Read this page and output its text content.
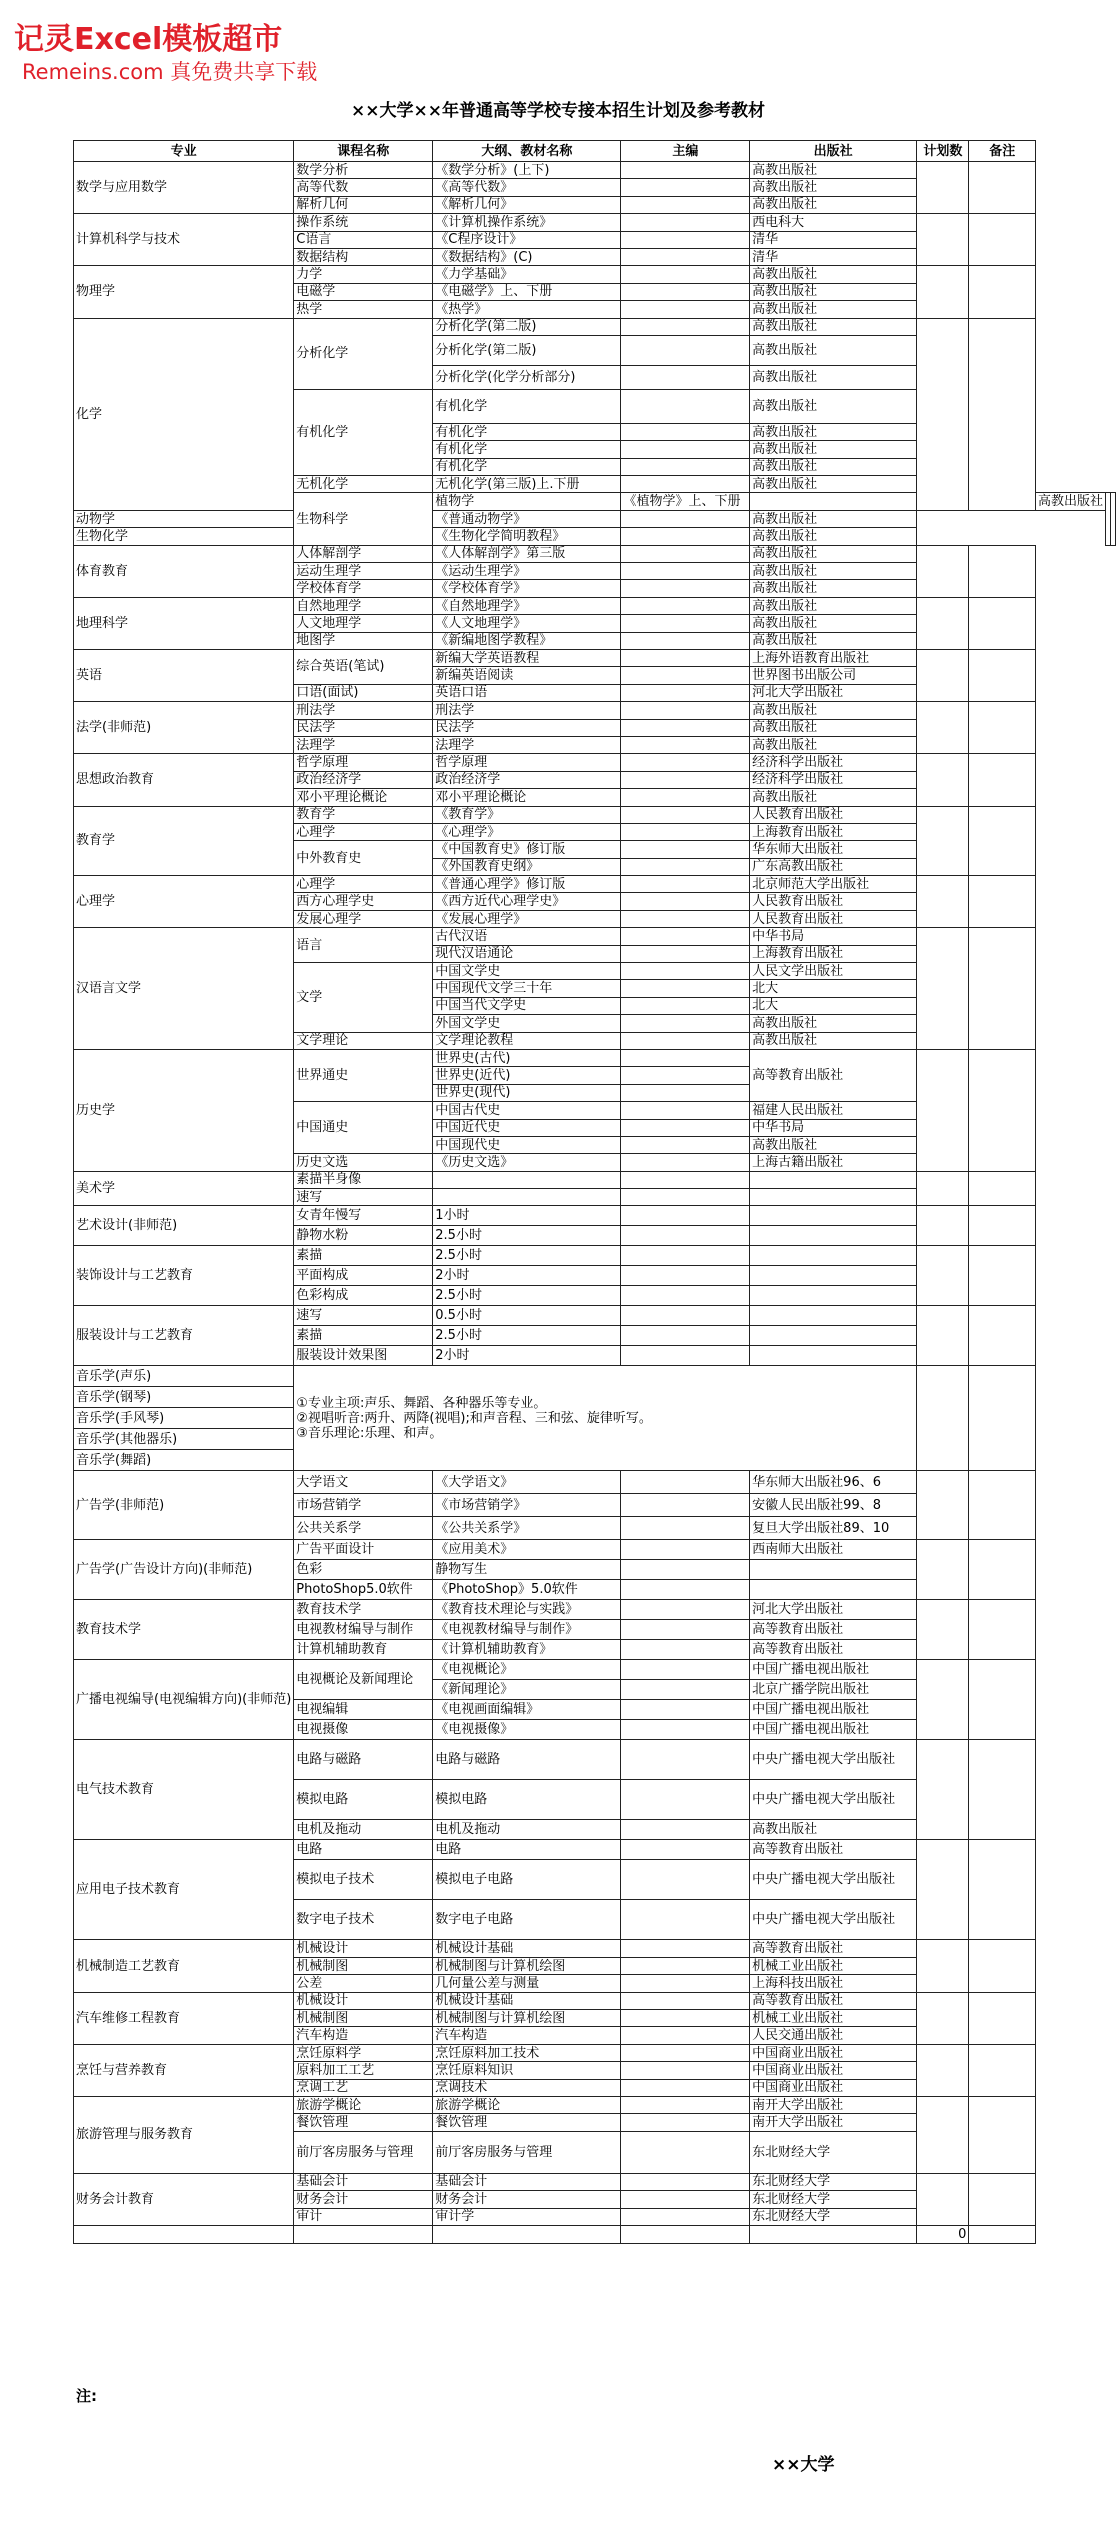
记灵Excel模板超市
Remeins.com 真免费共享下载
××大学××年普通高等学校专接本招生计划及参考教材
专业	课程名称	大纲、教材名称	主编	出版社	计划数	备注			
数学与应用数学	数学分析	《数学分析》(上下)		高教出版社					
	高等代数	《高等代数》		高教出版社					
	解析几何	《解析几何》		高教出版社					
计算机科学与技术	操作系统	《计算机操作系统》		西电科大					
	C语言	《C程序设计》		清华					
	数据结构	《数据结构》(C)		清华					
物理学	力学	《力学基础》		高教出版社					
	电磁学	《电磁学》上、下册		高教出版社					
	热学	《热学》		高教出版社					
化学	分析化学	分析化学(第二版)		高教出版社					
		分析化学(第二版)		高教出版社					
		分析化学(化学分析部分)		高教出版社					
	有机化学	有机化学		高教出版社					
		有机化学		高教出版社					
		有机化学		高教出版社					
		有机化学		高教出版社					
	无机化学	无机化学(第三版)上.下册		高教出版社					
	生物科学	植物学	《植物学》上、下册				高教出版社		
动物学		《普通动物学》		高教出版社					
生物化学		《生物化学简明教程》		高教出版社					
体育教育	人体解剖学	《人体解剖学》第三版		高教出版社					
	运动生理学	《运动生理学》		高教出版社					
	学校体育学	《学校体育学》		高教出版社					
地理科学	自然地理学	《自然地理学》		高教出版社					
	人文地理学	《人文地理学》		高教出版社					
	地图学	《新编地图学教程》		高教出版社					
英语	综合英语(笔试)	新编大学英语教程		上海外语教育出版社					
		新编英语阅读		世界图书出版公司					
	口语(面试)	英语口语		河北大学出版社					
法学(非师范)	刑法学	刑法学		高教出版社					
	民法学	民法学		高教出版社					
	法理学	法理学		高教出版社					
思想政治教育	哲学原理	哲学原理		经济科学出版社					
	政治经济学	政治经济学		经济科学出版社					
	邓小平理论概论	邓小平理论概论		高教出版社					
教育学	教育学	《教育学》		人民教育出版社					
	心理学	《心理学》		上海教育出版社					
	中外教育史	《中国教育史》修订版		华东师大出版社					
		《外国教育史纲》		广东高教出版社					
心理学	心理学	《普通心理学》修订版		北京师范大学出版社					
	西方心理学史	《西方近代心理学史》		人民教育出版社					
	发展心理学	《发展心理学》		人民教育出版社					
汉语言文学	语言	古代汉语		中华书局					
		现代汉语通论		上海教育出版社					
	文学	中国文学史		人民文学出版社					
		中国现代文学三十年		北大					
		中国当代文学史		北大					
		外国文学史		高教出版社					
	文学理论	文学理论教程		高教出版社					
历史学	世界通史	世界史(古代)		高等教育出版社					
		世界史(近代)							
		世界史(现代)							
	中国通史	中国古代史		福建人民出版社					
		中国近代史		中华书局					
		中国现代史		高教出版社					
	历史文选	《历史文选》		上海古籍出版社					
美术学	素描半身像								
	速写								
艺术设计(非师范)	女青年慢写	1小时							
	静物水粉	2.5小时							
装饰设计与工艺教育	素描	2.5小时							
	平面构成	2小时							
	色彩构成	2.5小时							
服装设计与工艺教育	速写	0.5小时							
	素描	2.5小时							
	服装设计效果图	2小时							
音乐学(声乐)	①专业主项:声乐、舞蹈、各种器乐等专业。
②视唱听音:两升、两降(视唱);和声音程、三和弦、旋律听写。
③音乐理论:乐理、和声。								

音乐学(钢琴)									
音乐学(手风琴)									
音乐学(其他器乐)									
音乐学(舞蹈)									
广告学(非师范)	大学语文	《大学语文》		华东师大出版社96、6					
	市场营销学	《市场营销学》		安徽人民出版社99、8					
	公共关系学	《公共关系学》		复旦大学出版社89、10					
广告学(广告设计方向)(非师范)	广告平面设计	《应用美术》		西南师大出版社					
	色彩	静物写生							
	PhotoShop5.0软件	《PhotoShop》5.0软件							
教育技术学	教育技术学	《教育技术理论与实践》		河北大学出版社					
	电视教材编导与制作	《电视教材编导与制作》		高等教育出版社					
	计算机辅助教育	《计算机辅助教育》		高等教育出版社					
广播电视编导(电视编辑方向)(非师范)	电视概论及新闻理论	《电视概论》		中国广播电视出版社					
		《新闻理论》		北京广播学院出版社					
	电视编辑	《电视画面编辑》		中国广播电视出版社					
	电视摄像	《电视摄像》		中国广播电视出版社					
电气技术教育	电路与磁路	电路与磁路		中央广播电视大学出版社					
	模拟电路	模拟电路		中央广播电视大学出版社					
	电机及拖动	电机及拖动		高教出版社					
应用电子技术教育	电路	电路		高等教育出版社					
	模拟电子技术	模拟电子电路		中央广播电视大学出版社					
	数字电子技术	数字电子电路		中央广播电视大学出版社					
机械制造工艺教育	机械设计	机械设计基础		高等教育出版社					
	机械制图	机械制图与计算机绘图		机械工业出版社					
	公差	几何量公差与测量		上海科技出版社					
汽车维修工程教育	机械设计	机械设计基础		高等教育出版社					
	机械制图	机械制图与计算机绘图		机械工业出版社					
	汽车构造	汽车构造		人民交通出版社					
烹饪与营养教育	烹饪原料学	烹饪原料加工技术		中国商业出版社					
	原料加工工艺	烹饪原料知识		中国商业出版社					
	烹调工艺	烹调技术		中国商业出版社					
旅游管理与服务教育	旅游学概论	旅游学概论		南开大学出版社					
	餐饮管理	餐饮管理		南开大学出版社					
	前厅客房服务与管理	前厅客房服务与管理		东北财经大学					
财务会计教育	基础会计	基础会计		东北财经大学					
	财务会计	财务会计		东北财经大学					
	审计	审计学		东北财经大学					
					0				
注:
××大学
